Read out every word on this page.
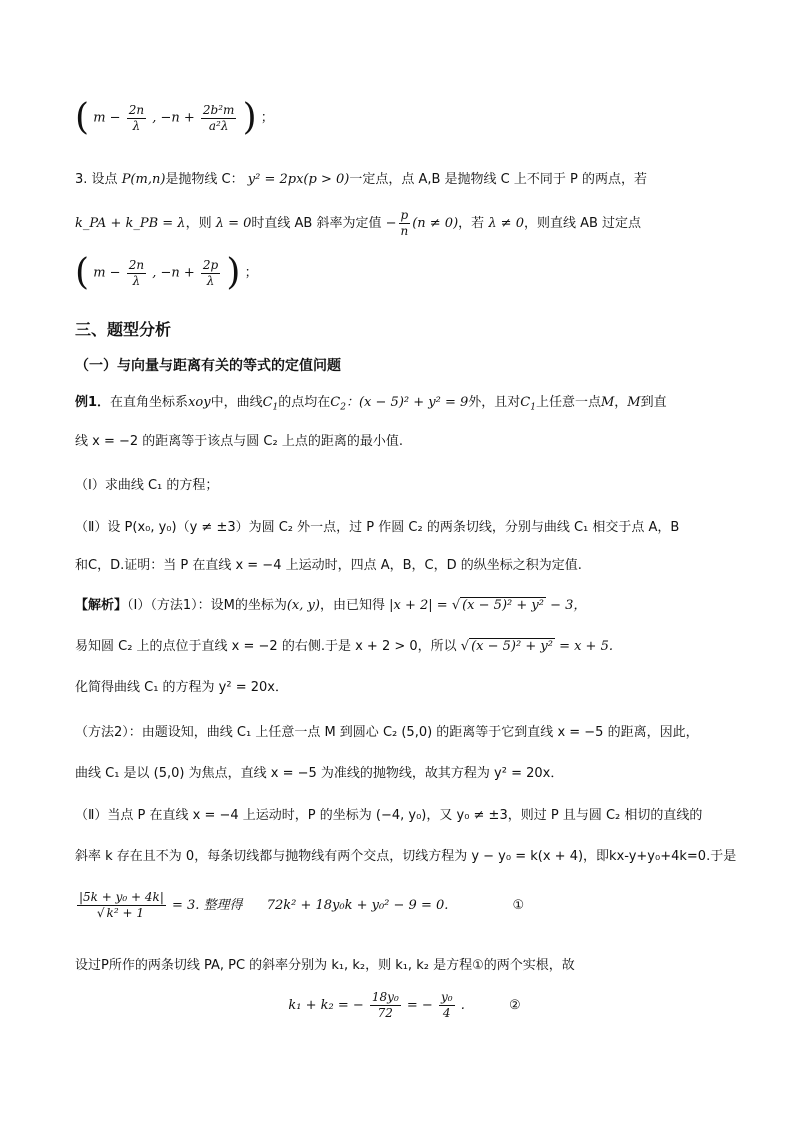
( $m - \frac{2n}{\lambda}$ , $-n + \frac{\text{2b²m}}{\text{a²λ}}$ ) ；
3. 设点 P(m,n)是抛物线 C： y² = 2px(p > 0)一定点，点 A,B 是抛物线 C 上不同于 P 的两点，若
k_PA + k_PB = λ，则 λ = 0时直线 AB 斜率为定值 − $\frac{p}{n} (n \ne 0)$，若 λ ≠ 0，则直线 AB 过定点
( $m - \frac{2n}{\lambda}$ , $-n + \frac{2p}{\lambda}$ ) ；
三、题型分析
（一）与向量与距离有关的等式的定值问题
例1．在直角坐标系xoy中，曲线$C_1$的点均在$C_2$：(x − 5)² + y² = 9外，且对$C_1$上任意一点M，M到直
线 x = −2 的距离等于该点与圆 C₂ 上点的距离的最小值.
（Ⅰ）求曲线 C₁ 的方程；
（Ⅱ）设 P(x₀, y₀)（y ≠ ±3）为圆 C₂ 外一点，过 P 作圆 C₂ 的两条切线，分别与曲线 C₁ 相交于点 A，B
和C，D.证明：当 P 在直线 x = −4 上运动时，四点 A，B，C，D 的纵坐标之积为定值.
【解析】（Ⅰ）（方法1）：设M的坐标为(x, y)，由已知得 |x + 2| = √ (x − 5)² + y² − 3，
易知圆 C₂ 上的点位于直线 x = −2 的右侧.于是 x + 2 > 0，所以 √ (x − 5)² + y² = x + 5.
化简得曲线 C₁ 的方程为 y² = 20x．
（方法2）：由题设知，曲线 C₁ 上任意一点 M 到圆心 C₂ (5,0) 的距离等于它到直线 x = −5 的距离，因此，
曲线 C₁ 是以 (5,0) 为焦点，直线 x = −5 为准线的抛物线，故其方程为 y² = 20x．
（Ⅱ）当点 P 在直线 x = −4 上运动时，P 的坐标为 (−4, y₀)，又 y₀ ≠ ±3，则过 P 且与圆 C₂ 相切的直线的
斜率 k 存在且不为 0，每条切线都与抛物线有两个交点，切线方程为 y − y₀ = k(x + 4)，即kx-y+y₀+4k=0.于是
$\frac{\text{|5k + y₀ + 4k|}}{\text{√ k² + 1}} = 3$. 整理得 72k² + 18y₀k + y₀² − 9 = 0.	①
设过P所作的两条切线 PA, PC 的斜率分别为 k₁, k₂，则 k₁, k₂ 是方程①的两个实根，故
k₁ + k₂ = − $\frac{\text{18y₀}}{72}$ = − $\frac{\text{y₀}}{4}$ .	②
